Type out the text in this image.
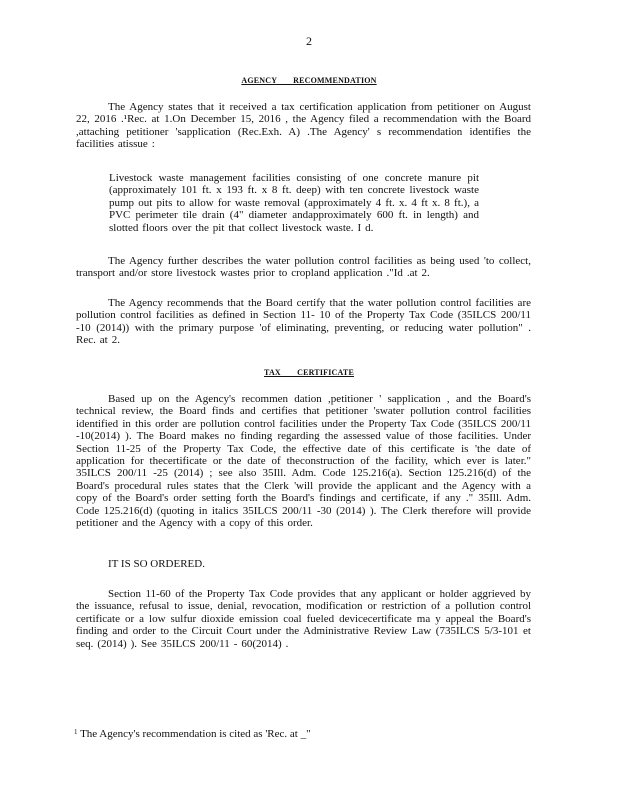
2
AGENCY RECOMMENDATION
The Agency states that it received a tax certification application from petitioner on August 22, 2016 .¹Rec. at 1.On December 15, 2016 , the Agency filed a recommendation with the Board ,attaching petitioner 'sapplication (Rec.Exh. A) .The Agency' s recommendation identifies the facilities atissue :
Livestock waste management facilities consisting of one concrete manure pit (approximately 101 ft. x 193 ft. x 8 ft. deep) with ten concrete livestock waste pump out pits to allow for waste removal (approximately 4 ft. x. 4 ft x. 8 ft.), a PVC perimeter tile drain (4" diameter andapproximately 600 ft. in length) and slotted floors over the pit that collect livestock waste. I d.
The Agency further describes the water pollution control facilities as being used 'to collect, transport and/or store livestock wastes prior to cropland application ."Id .at 2.
The Agency recommends that the Board certify that the water pollution control facilities are pollution control facilities as defined in Section 11- 10 of the Property Tax Code (35ILCS 200/11 -10 (2014)) with the primary purpose 'of eliminating, preventing, or reducing water pollution" . Rec. at 2.
TAX CERTIFICATE
Based up on the Agency's recommen dation ,petitioner ' sapplication , and the Board's technical review, the Board finds and certifies that petitioner 'swater pollution control facilities identified in this order are pollution control facilities under the Property Tax Code (35ILCS 200/11 -10(2014) ). The Board makes no finding regarding the assessed value of those facilities. Under Section 11-25 of the Property Tax Code, the effective date of this certificate is 'the date of application for thecertificate or the date of theconstruction of the facility, which ever is later." 35ILCS 200/11 -25 (2014) ; see also 35Ill. Adm. Code 125.216(a). Section 125.216(d) of the Board's procedural rules states that the Clerk 'will provide the applicant and the Agency with a copy of the Board's order setting forth the Board's findings and certificate, if any ." 35Ill. Adm. Code 125.216(d) (quoting in italics 35ILCS 200/11 -30 (2014) ). The Clerk therefore will provide petitioner and the Agency with a copy of this order.
IT IS SO ORDERED.
Section 11-60 of the Property Tax Code provides that any applicant or holder aggrieved by the issuance, refusal to issue, denial, revocation, modification or restriction of a pollution control certificate or a low sulfur dioxide emission coal fueled devicecertificate ma y appeal the Board's finding and order to the Circuit Court under the Administrative Review Law (735ILCS 5/3-101 et seq. (2014) ). See 35ILCS 200/11 - 60(2014) .
$^1$ The Agency's recommendation is cited as 'Rec. at _"
